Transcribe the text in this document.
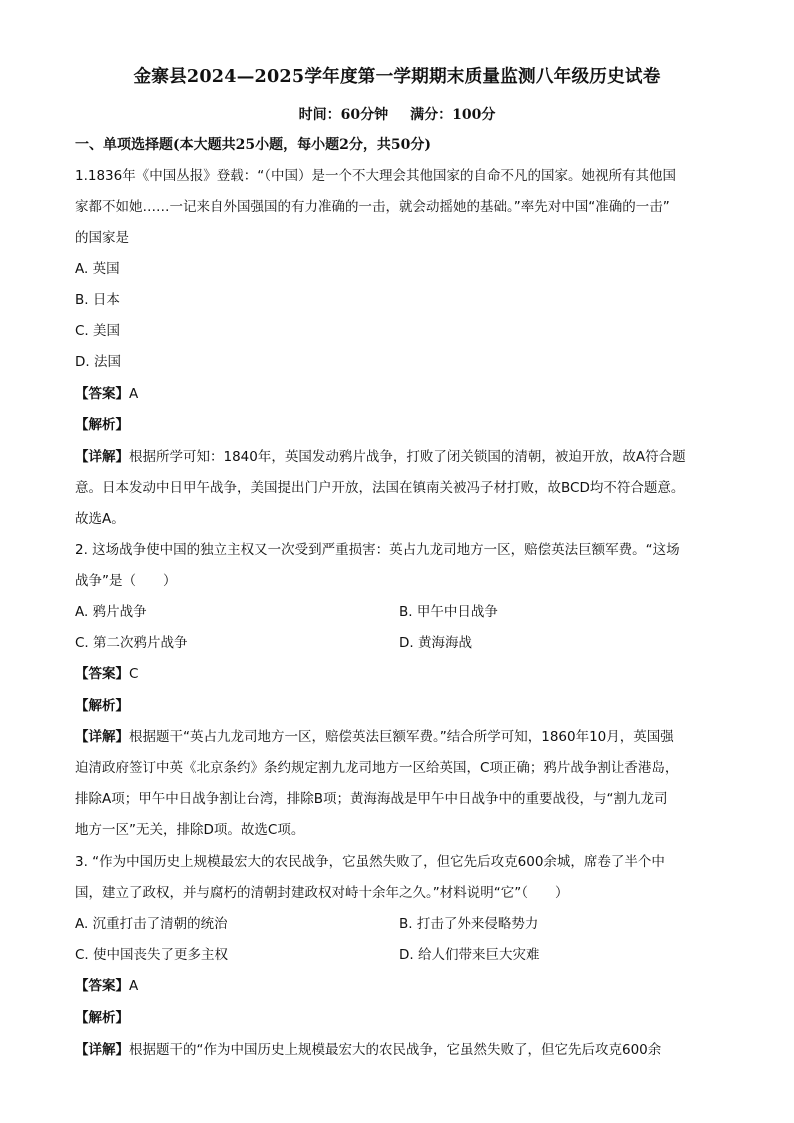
金寨县2024—2025学年度第一学期期末质量监测八年级历史试卷
时间：60分钟 满分：100分
一、单项选择题(本大题共25小题，每小题2分，共50分)
1.1836年《中国丛报》登载：“（中国）是一个不大理会其他国家的自命不凡的国家。她视所有其他国
家都不如她……一记来自外国强国的有力准确的一击，就会动摇她的基础。”率先对中国“准确的一击”
的国家是
A. 英国
B. 日本
C. 美国
D. 法国
【答案】A
【解析】
【详解】根据所学可知：1840年，英国发动鸦片战争，打败了闭关锁国的清朝，被迫开放，故A符合题
意。日本发动中日甲午战争，美国提出门户开放，法国在镇南关被冯子材打败，故BCD均不符合题意。
故选A。
2. 这场战争使中国的独立主权又一次受到严重损害：英占九龙司地方一区，赔偿英法巨额军费。“这场
战争”是（　　）
A. 鸦片战争	B. 甲午中日战争
C. 第二次鸦片战争	D. 黄海海战
【答案】C
【解析】
【详解】根据题干“英占九龙司地方一区，赔偿英法巨额军费。”结合所学可知，1860年10月，英国强
迫清政府签订中英《北京条约》条约规定割九龙司地方一区给英国，C项正确；鸦片战争割让香港岛，
排除A项；甲午中日战争割让台湾，排除B项；黄海海战是甲午中日战争中的重要战役，与“割九龙司
地方一区”无关，排除D项。故选C项。
3. “作为中国历史上规模最宏大的农民战争，它虽然失败了，但它先后攻克600余城，席卷了半个中
国，建立了政权，并与腐朽的清朝封建政权对峙十余年之久。”材料说明“它”（　　）
A. 沉重打击了清朝的统治	B. 打击了外来侵略势力
C. 使中国丧失了更多主权	D. 给人们带来巨大灾难
【答案】A
【解析】
【详解】根据题干的“作为中国历史上规模最宏大的农民战争，它虽然失败了，但它先后攻克600余
